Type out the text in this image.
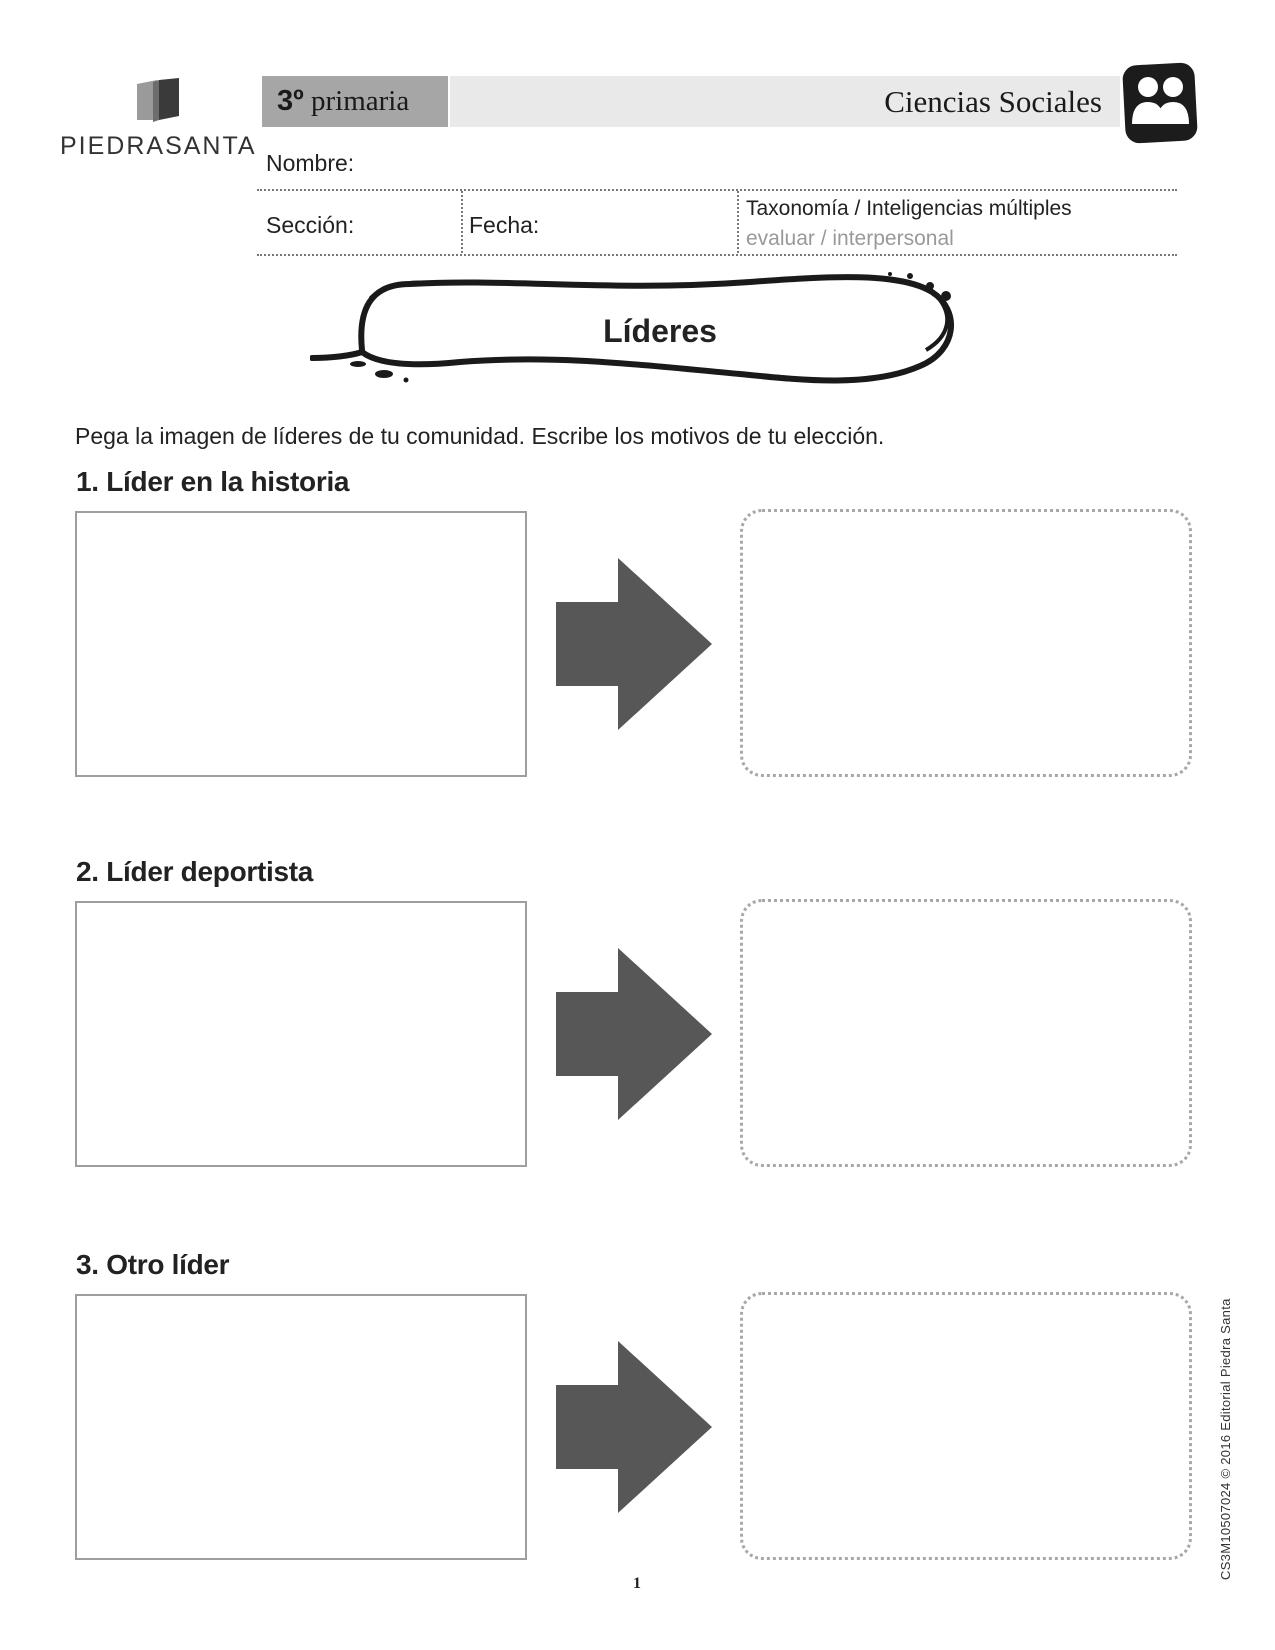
PIEDRASANTA
3º primaria	Ciencias Sociales
Nombre:
Sección:	Fecha:
Taxonomía / Inteligencias múltiples
evaluar / interpersonal
Líderes
Pega la imagen de líderes de tu comunidad. Escribe los motivos de tu elección.
1. Líder en la historia
2. Líder deportista
3. Otro líder
CS3M10507024 © 2016 Editorial Piedra Santa
1
